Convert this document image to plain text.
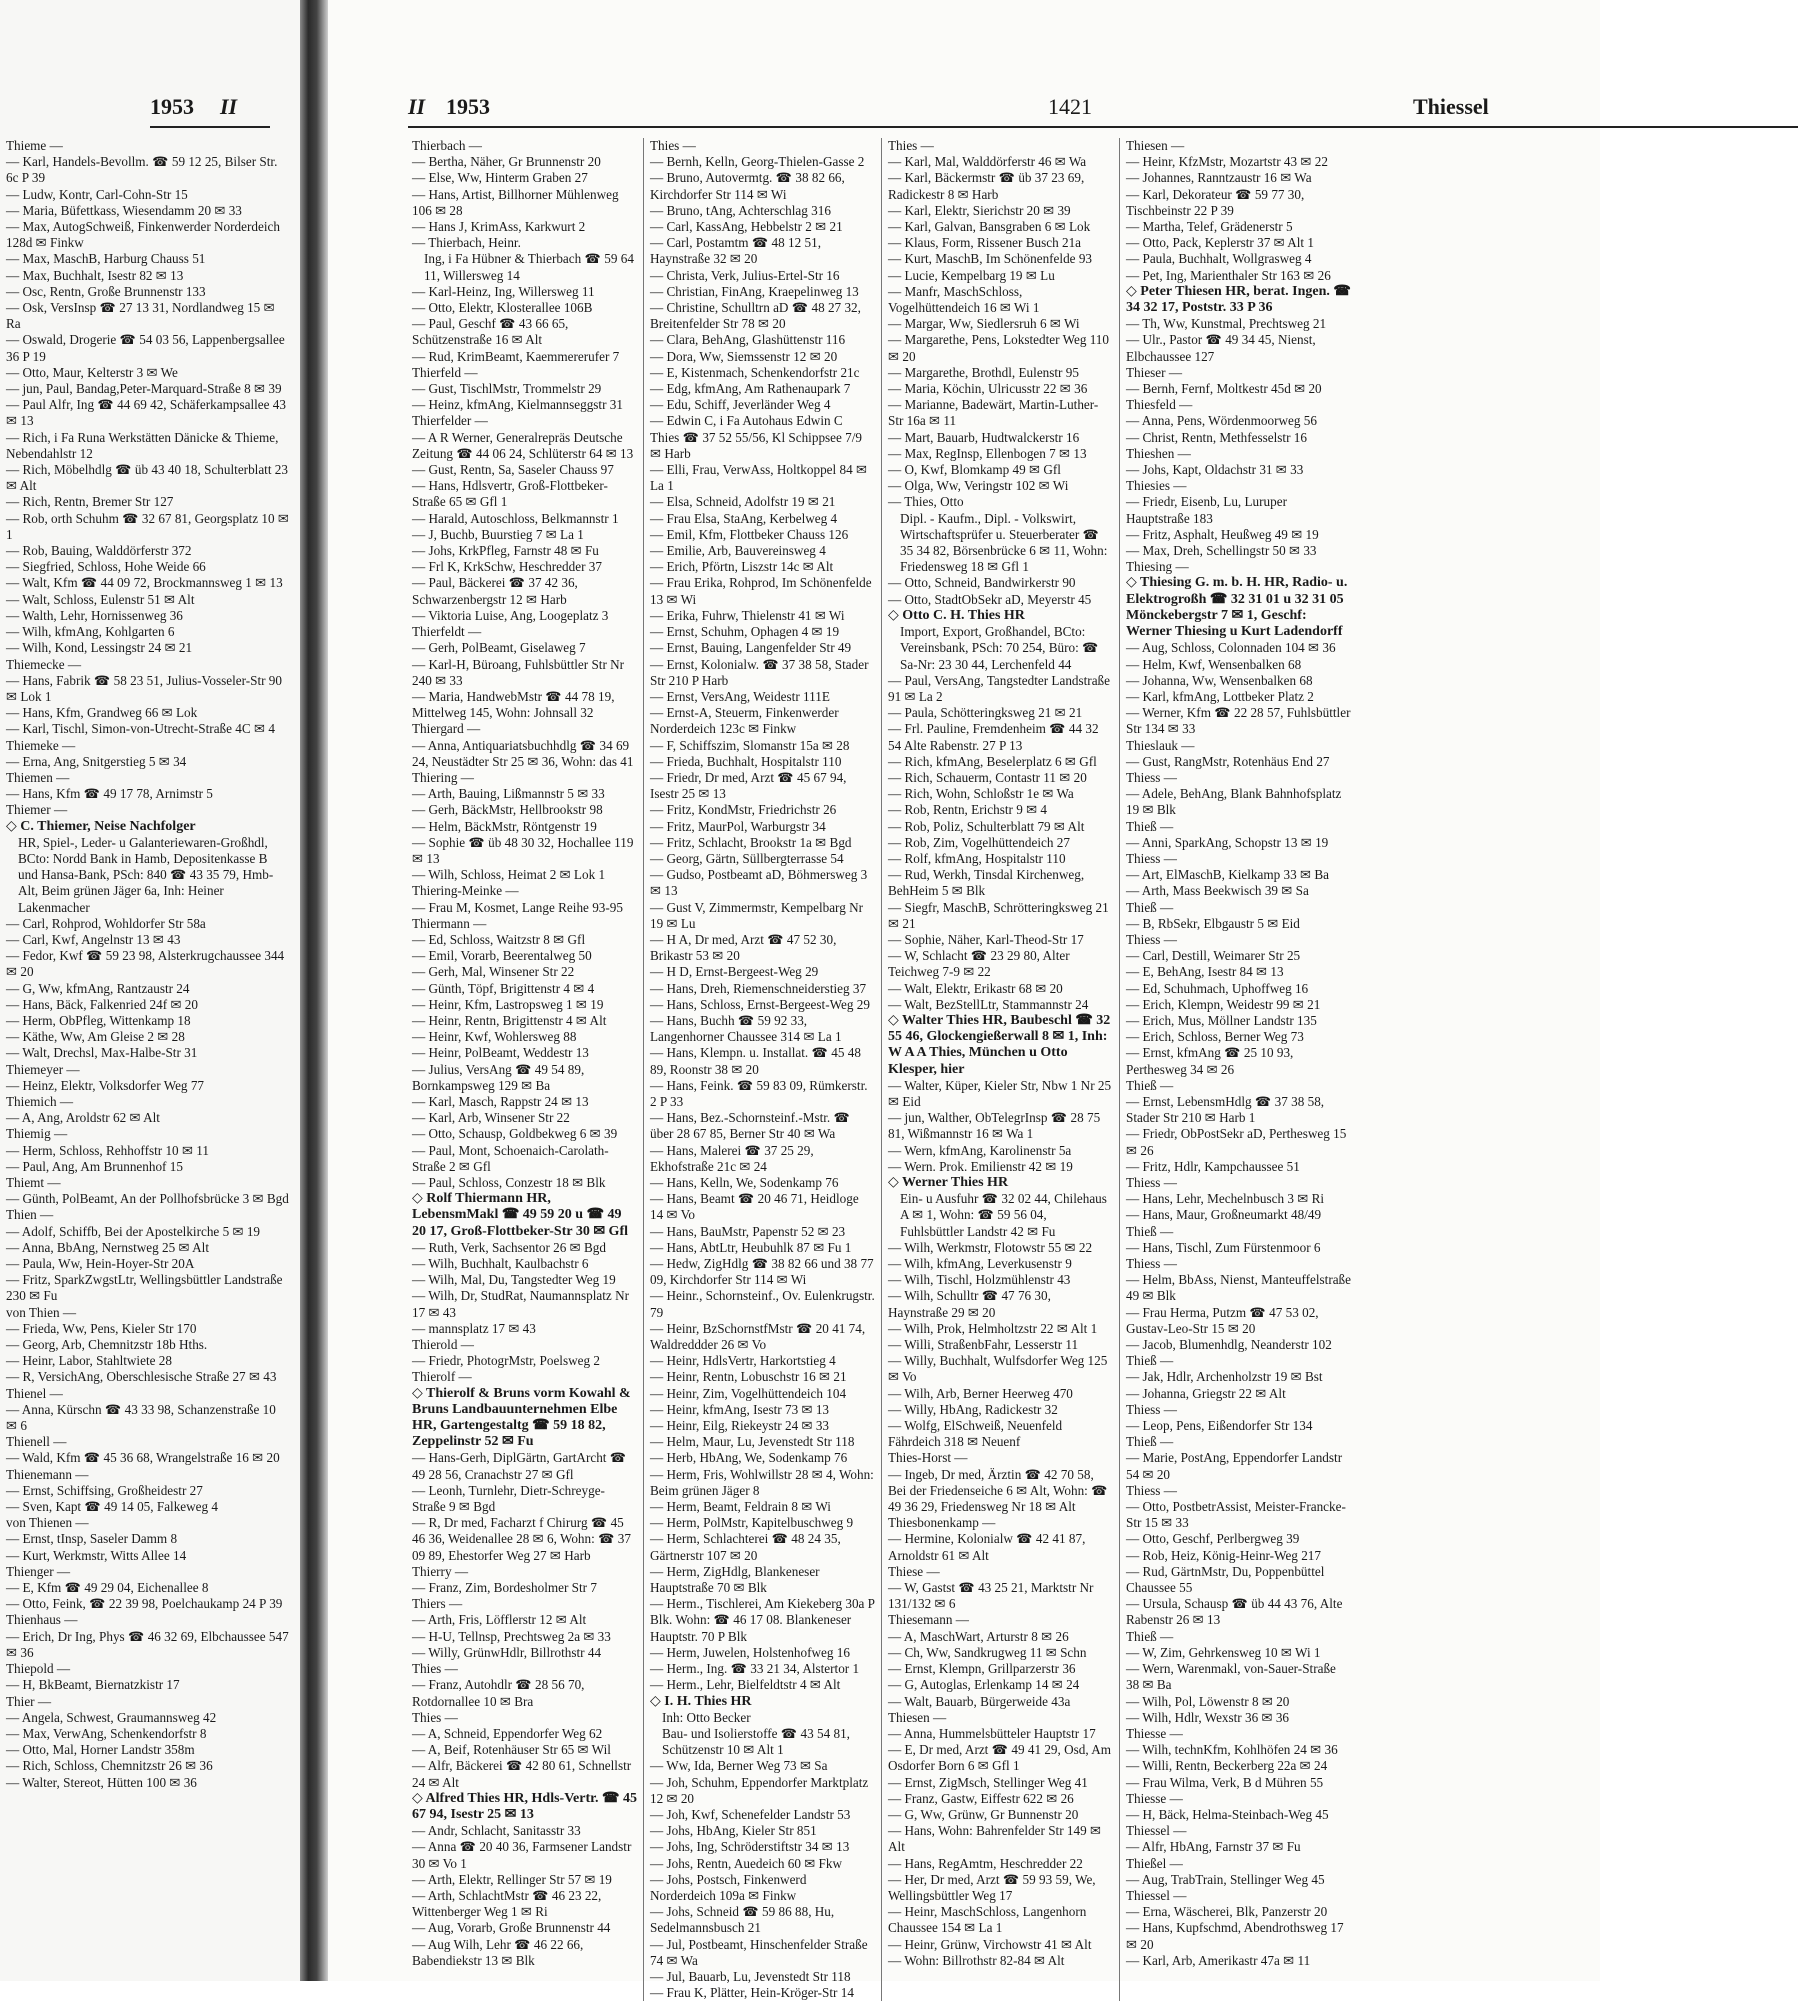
1953 II

Thieme —

— Karl, Handels-Bevollm. ☎ 59 12 25, Bilser Str. 6c P 39

— Ludw, Kontr, Carl-Cohn-Str 15

— Maria, Büfettkass, Wiesendamm 20 ✉ 33

— Max, AutogSchweiß, Finkenwerder Norderdeich 128d ✉ Finkw

— Max, MaschB, Harburg Chauss 51

— Max, Buchhalt, Isestr 82 ✉ 13

— Osc, Rentn, Große Brunnenstr 133

— Osk, VersInsp ☎ 27 13 31, Nordlandweg 15 ✉ Ra

— Oswald, Drogerie ☎ 54 03 56, Lappenbergsallee 36 P 19

— Otto, Maur, Kelterstr 3 ✉ We

— jun, Paul, Bandag,Peter-Marquard-Straße 8 ✉ 39

— Paul Alfr, Ing ☎ 44 69 42, Schäferkampsallee 43 ✉ 13

— Rich, i Fa Runa Werkstätten Dänicke & Thieme, Nebendahlstr 12

— Rich, Möbelhdlg ☎ üb 43 40 18, Schulterblatt 23 ✉ Alt

— Rich, Rentn, Bremer Str 127

— Rob, orth Schuhm ☎ 32 67 81, Georgsplatz 10 ✉ 1

— Rob, Bauing, Walddörferstr 372

— Siegfried, Schloss, Hohe Weide 66

— Walt, Kfm ☎ 44 09 72, Brockmannsweg 1 ✉ 13

— Walt, Schloss, Eulenstr 51 ✉ Alt

— Walth, Lehr, Hornissenweg 36

— Wilh, kfmAng, Kohlgarten 6

— Wilh, Kond, Lessingstr 24 ✉ 21

Thiemecke —

— Hans, Fabrik ☎ 58 23 51, Julius-Vosseler-Str 90 ✉ Lok 1

— Hans, Kfm, Grandweg 66 ✉ Lok

— Karl, Tischl, Simon-von-Utrecht-Straße 4C ✉ 4

Thiemeke —

— Erna, Ang, Snitgerstieg 5 ✉ 34

Thiemen —

— Hans, Kfm ☎ 49 17 78, Arnimstr 5

Thiemer —

◇ C. Thiemer, Neise Nachfolger

HR, Spiel-, Leder- u Galanteriewaren-Großhdl, BCto: Nordd Bank in Hamb, Depositenkasse B und Hansa-Bank, PSch: 840 ☎ 43 35 79, Hmb-Alt, Beim grünen Jäger 6a, Inh: Heiner Lakenmacher

— Carl, Rohprod, Wohldorfer Str 58a

— Carl, Kwf, Angelnstr 13 ✉ 43

— Fedor, Kwf ☎ 59 23 98, Alsterkrugchaussee 344 ✉ 20

— G, Ww, kfmAng, Rantzaustr 24

— Hans, Bäck, Falkenried 24f ✉ 20

— Herm, ObPfleg, Wittenkamp 18

— Käthe, Ww, Am Gleise 2 ✉ 28

— Walt, Drechsl, Max-Halbe-Str 31

Thiemeyer —

— Heinz, Elektr, Volksdorfer Weg 77

Thiemich —

— A, Ang, Aroldstr 62 ✉ Alt

Thiemig —

— Herm, Schloss, Rehhoffstr 10 ✉ 11

— Paul, Ang, Am Brunnenhof 15

Thiemt —

— Günth, PolBeamt, An der Pollhofsbrücke 3 ✉ Bgd

Thien —

— Adolf, Schiffb, Bei der Apostelkirche 5 ✉ 19

— Anna, BbAng, Nernstweg 25 ✉ Alt

— Paula, Ww, Hein-Hoyer-Str 20A

— Fritz, SparkZwgstLtr, Wellingsbüttler Landstraße 230 ✉ Fu

von Thien —

— Frieda, Ww, Pens, Kieler Str 170

— Georg, Arb, Chemnitzstr 18b Hths.

— Heinr, Labor, Stahltwiete 28

— R, VersichAng, Oberschlesische Straße 27 ✉ 43

Thienel —

— Anna, Kürschn ☎ 43 33 98, Schanzenstraße 10 ✉ 6

Thienell —

— Wald, Kfm ☎ 45 36 68, Wrangelstraße 16 ✉ 20

Thienemann —

— Ernst, Schiffsing, Großheidestr 27

— Sven, Kapt ☎ 49 14 05, Falkeweg 4

von Thienen —

— Ernst, tInsp, Saseler Damm 8

— Kurt, Werkmstr, Witts Allee 14

Thienger —

— E, Kfm ☎ 49 29 04, Eichenallee 8

— Otto, Feink, ☎ 22 39 98, Poelchaukamp 24 P 39

Thienhaus —

— Erich, Dr Ing, Phys ☎ 46 32 69, Elbchaussee 547 ✉ 36

Thiepold —

— H, BkBeamt, Biernatzkistr 17

Thier —

— Angela, Schwest, Graumannsweg 42

— Max, VerwAng, Schenkendorfstr 8

— Otto, Mal, Horner Landstr 358m

— Rich, Schloss, Chemnitzstr 26 ✉ 36

— Walter, Stereot, Hütten 100 ✉ 36

II 1953	1421	Thiessel

Thierbach —

— Bertha, Näher, Gr Brunnenstr 20

— Else, Ww, Hinterm Graben 27

— Hans, Artist, Billhorner Mühlenweg 106 ✉ 28

— Hans J, KrimAss, Karkwurt 2

— Thierbach, Heinr.

Ing, i Fa Hübner & Thierbach ☎ 59 64 11, Willersweg 14

— Karl-Heinz, Ing, Willersweg 11

— Otto, Elektr, Klosterallee 106B

— Paul, Geschf ☎ 43 66 65, Schützenstraße 16 ✉ Alt

— Rud, KrimBeamt, Kaemmererufer 7

Thierfeld —

— Gust, TischlMstr, Trommelstr 29

— Heinz, kfmAng, Kielmannseggstr 31

Thierfelder —

— A R Werner, Generalrepräs Deutsche Zeitung ☎ 44 06 24, Schlüterstr 64 ✉ 13

— Gust, Rentn, Sa, Saseler Chauss 97

— Hans, Hdlsvertr, Groß-Flottbeker-Straße 65 ✉ Gfl 1

— Harald, Autoschloss, Belkmannstr 1

— J, Buchb, Buurstieg 7 ✉ La 1

— Johs, KrkPfleg, Farnstr 48 ✉ Fu

— Frl K, KrkSchw, Heschredder 37

— Paul, Bäckerei ☎ 37 42 36, Schwarzenbergstr 12 ✉ Harb

— Viktoria Luise, Ang, Loogeplatz 3

Thierfeldt —

— Gerh, PolBeamt, Giselaweg 7

— Karl-H, Büroang, Fuhlsbüttler Str Nr 240 ✉ 33

— Maria, HandwebMstr ☎ 44 78 19, Mittelweg 145, Wohn: Johnsall 32

Thiergard —

— Anna, Antiquariatsbuchhdlg ☎ 34 69 24, Neustädter Str 25 ✉ 36, Wohn: das 41

Thiering —

— Arth, Bauing, Lißmannstr 5 ✉ 33

— Gerh, BäckMstr, Hellbrookstr 98

— Helm, BäckMstr, Röntgenstr 19

— Sophie ☎ üb 48 30 32, Hochallee 119 ✉ 13

— Wilh, Schloss, Heimat 2 ✉ Lok 1

Thiering-Meinke —

— Frau M, Kosmet, Lange Reihe 93-95

Thiermann —

— Ed, Schloss, Waitzstr 8 ✉ Gfl

— Emil, Vorarb, Beerentalweg 50

— Gerh, Mal, Winsener Str 22

— Günth, Töpf, Brigittenstr 4 ✉ 4

— Heinr, Kfm, Lastropsweg 1 ✉ 19

— Heinr, Rentn, Brigittenstr 4 ✉ Alt

— Heinr, Kwf, Wohlersweg 88

— Heinr, PolBeamt, Weddestr 13

— Julius, VersAng ☎ 49 54 89, Bornkampsweg 129 ✉ Ba

— Karl, Masch, Rappstr 24 ✉ 13

— Karl, Arb, Winsener Str 22

— Otto, Schausp, Goldbekweg 6 ✉ 39

— Paul, Mont, Schoenaich-Carolath-Straße 2 ✉ Gfl

— Paul, Schloss, Conzestr 18 ✉ Blk

◇ Rolf Thiermann HR, LebensmMakl ☎ 49 59 20 u ☎ 49 20 17, Groß-Flottbeker-Str 30 ✉ Gfl

— Ruth, Verk, Sachsentor 26 ✉ Bgd

— Wilh, Buchhalt, Kaulbachstr 6

— Wilh, Mal, Du, Tangstedter Weg 19

— Wilh, Dr, StudRat, Naumannsplatz Nr 17 ✉ 43

— mannsplatz 17 ✉ 43

Thierold —

— Friedr, PhotogrMstr, Poelsweg 2

Thierolf —

◇ Thierolf & Bruns vorm Kowahl & Bruns Landbauunternehmen Elbe HR, Gartengestaltg ☎ 59 18 82, Zeppelinstr 52 ✉ Fu

— Hans-Gerh, DiplGärtn, GartArcht ☎ 49 28 56, Cranachstr 27 ✉ Gfl

— Leonh, Turnlehr, Dietr-Schreyge-Straße 9 ✉ Bgd

— R, Dr med, Facharzt f Chirurg ☎ 45 46 36, Weidenallee 28 ✉ 6, Wohn: ☎ 37 09 89, Ehestorfer Weg 27 ✉ Harb

Thierry —

— Franz, Zim, Bordesholmer Str 7

Thiers —

— Arth, Fris, Löfflerstr 12 ✉ Alt

— H-U, Tellnsp, Prechtsweg 2a ✉ 33

— Willy, GrünwHdlr, Billrothstr 44

Thies —

— Franz, Autohdlr ☎ 28 56 70, Rotdornallee 10 ✉ Bra

Thies —

— A, Schneid, Eppendorfer Weg 62

— A, Beif, Rotenhäuser Str 65 ✉ Wil

— Alfr, Bäckerei ☎ 42 80 61, Schnellstr 24 ✉ Alt

◇ Alfred Thies HR, Hdls-Vertr. ☎ 45 67 94, Isestr 25 ✉ 13

— Andr, Schlacht, Sanitasstr 33

— Anna ☎ 20 40 36, Farmsener Landstr 30 ✉ Vo 1

— Arth, Elektr, Rellinger Str 57 ✉ 19

— Arth, SchlachtMstr ☎ 46 23 22, Wittenberger Weg 1 ✉ Ri

— Aug, Vorarb, Große Brunnenstr 44

— Aug Wilh, Lehr ☎ 46 22 66, Babendiekstr 13 ✉ Blk

Thies —

— Bernh, Kelln, Georg-Thielen-Gasse 2

— Bruno, Autovermtg. ☎ 38 82 66, Kirchdorfer Str 114 ✉ Wi

— Bruno, tAng, Achterschlag 316

— Carl, KassAng, Hebbelstr 2 ✉ 21

— Carl, Postamtm ☎ 48 12 51, Haynstraße 32 ✉ 20

— Christa, Verk, Julius-Ertel-Str 16

— Christian, FinAng, Kraepelinweg 13

— Christine, Schulltrn aD ☎ 48 27 32, Breitenfelder Str 78 ✉ 20

— Clara, BehAng, Glashüttenstr 116

— Dora, Ww, Siemssenstr 12 ✉ 20

— E, Kistenmach, Schenkendorfstr 21c

— Edg, kfmAng, Am Rathenaupark 7

— Edu, Schiff, Jeverländer Weg 4

— Edwin C, i Fa Autohaus Edwin C Thies ☎ 37 52 55/56, Kl Schippsee 7/9 ✉ Harb

— Elli, Frau, VerwAss, Holtkoppel 84 ✉ La 1

— Elsa, Schneid, Adolfstr 19 ✉ 21

— Frau Elsa, StaAng, Kerbelweg 4

— Emil, Kfm, Flottbeker Chauss 126

— Emilie, Arb, Bauvereinsweg 4

— Erich, Pförtn, Liszstr 14c ✉ Alt

— Frau Erika, Rohprod, Im Schönenfelde 13 ✉ Wi

— Erika, Fuhrw, Thielenstr 41 ✉ Wi

— Ernst, Schuhm, Ophagen 4 ✉ 19

— Ernst, Bauing, Langenfelder Str 49

— Ernst, Kolonialw. ☎ 37 38 58, Stader Str 210 P Harb

— Ernst, VersAng, Weidestr 111E

— Ernst-A, Steuerm, Finkenwerder Norderdeich 123c ✉ Finkw

— F, Schiffszim, Slomanstr 15a ✉ 28

— Frieda, Buchhalt, Hospitalstr 110

— Friedr, Dr med, Arzt ☎ 45 67 94, Isestr 25 ✉ 13

— Fritz, KondMstr, Friedrichstr 26

— Fritz, MaurPol, Warburgstr 34

— Fritz, Schlacht, Brookstr 1a ✉ Bgd

— Georg, Gärtn, Süllbergterrasse 54

— Gudso, Postbeamt aD, Böhmersweg 3 ✉ 13

— Gust V, Zimmermstr, Kempelbarg Nr 19 ✉ Lu

— H A, Dr med, Arzt ☎ 47 52 30, Brikastr 53 ✉ 20

— H D, Ernst-Bergeest-Weg 29

— Hans, Dreh, Riemenschneiderstieg 37

— Hans, Schloss, Ernst-Bergeest-Weg 29

— Hans, Buchh ☎ 59 92 33, Langenhorner Chaussee 314 ✉ La 1

— Hans, Klempn. u. Installat. ☎ 45 48 89, Roonstr 38 ✉ 20

— Hans, Feink. ☎ 59 83 09, Rümkerstr. 2 P 33

— Hans, Bez.-Schornsteinf.-Mstr. ☎ über 28 67 85, Berner Str 40 ✉ Wa

— Hans, Malerei ☎ 37 25 29, Ekhofstraße 21c ✉ 24

— Hans, Kelln, We, Sodenkamp 76

— Hans, Beamt ☎ 20 46 71, Heidloge 14 ✉ Vo

— Hans, BauMstr, Papenstr 52 ✉ 23

— Hans, AbtLtr, Heubuhlk 87 ✉ Fu 1

— Hedw, ZigHdlg ☎ 38 82 66 und 38 77 09, Kirchdorfer Str 114 ✉ Wi

— Heinr., Schornsteinf., Ov. Eulenkrugstr. 79

— Heinr, BzSchornstfMstr ☎ 20 41 74, Waldreddder 26 ✉ Vo

— Heinr, HdlsVertr, Harkortstieg 4

— Heinr, Rentn, Lobuschstr 16 ✉ 21

— Heinr, Zim, Vogelhüttendeich 104

— Heinr, kfmAng, Isestr 73 ✉ 13

— Heinr, Eilg, Riekeystr 24 ✉ 33

— Helm, Maur, Lu, Jevenstedt Str 118

— Herb, HbAng, We, Sodenkamp 76

— Herm, Fris, Wohlwillstr 28 ✉ 4, Wohn: Beim grünen Jäger 8

— Herm, Beamt, Feldrain 8 ✉ Wi

— Herm, PolMstr, Kapitelbuschweg 9

— Herm, Schlachterei ☎ 48 24 35, Gärtnerstr 107 ✉ 20

— Herm, ZigHdlg, Blankeneser Hauptstraße 70 ✉ Blk

— Herm., Tischlerei, Am Kiekeberg 30a P Blk. Wohn: ☎ 46 17 08. Blankeneser Hauptstr. 70 P Blk

— Herm, Juwelen, Holstenhofweg 16

— Herm., Ing. ☎ 33 21 34, Alstertor 1

— Herm., Lehr, Bielfeldtstr 4 ✉ Alt

◇ I. H. Thies HR

Inh: Otto Becker

Bau- und Isolierstoffe ☎ 43 54 81, Schützenstr 10 ✉ Alt 1

— Ww, Ida, Berner Weg 73 ✉ Sa

— Joh, Schuhm, Eppendorfer Marktplatz 12 ✉ 20

— Joh, Kwf, Schenefelder Landstr 53

— Johs, HbAng, Kieler Str 851

— Johs, Ing, Schröderstiftstr 34 ✉ 13

— Johs, Rentn, Auedeich 60 ✉ Fkw

— Johs, Postsch, Finkenwerd Norderdeich 109a ✉ Finkw

— Johs, Schneid ☎ 59 86 88, Hu, Sedelmannsbusch 21

— Jul, Postbeamt, Hinschenfelder Straße 74 ✉ Wa

— Jul, Bauarb, Lu, Jevenstedt Str 118

— Frau K, Plätter, Hein-Kröger-Str 14

Thies —

— Karl, Mal, Walddörferstr 46 ✉ Wa

— Karl, Bäckermstr ☎ üb 37 23 69, Radickestr 8 ✉ Harb

— Karl, Elektr, Sierichstr 20 ✉ 39

— Karl, Galvan, Bansgraben 6 ✉ Lok

— Klaus, Form, Rissener Busch 21a

— Kurt, MaschB, Im Schönenfelde 93

— Lucie, Kempelbarg 19 ✉ Lu

— Manfr, MaschSchloss, Vogelhüttendeich 16 ✉ Wi 1

— Margar, Ww, Siedlersruh 6 ✉ Wi

— Margarethe, Pens, Lokstedter Weg 110 ✉ 20

— Margarethe, Brothdl, Eulenstr 95

— Maria, Köchin, Ulricusstr 22 ✉ 36

— Marianne, Badewärt, Martin-Luther-Str 16a ✉ 11

— Mart, Bauarb, Hudtwalckerstr 16

— Max, RegInsp, Ellenbogen 7 ✉ 13

— O, Kwf, Blomkamp 49 ✉ Gfl

— Olga, Ww, Veringstr 102 ✉ Wi

— Thies, Otto

Dipl. - Kaufm., Dipl. - Volkswirt, Wirtschaftsprüfer u. Steuerberater ☎ 35 34 82, Börsenbrücke 6 ✉ 11, Wohn: Friedensweg 18 ✉ Gfl 1

— Otto, Schneid, Bandwirkerstr 90

— Otto, StadtObSekr aD, Meyerstr 45

◇ Otto C. H. Thies HR

Import, Export, Großhandel, BCto: Vereinsbank, PSch: 70 254, Büro: ☎ Sa-Nr: 23 30 44, Lerchenfeld 44

— Paul, VersAng, Tangstedter Landstraße 91 ✉ La 2

— Paula, Schötteringksweg 21 ✉ 21

— Frl. Pauline, Fremdenheim ☎ 44 32 54 Alte Rabenstr. 27 P 13

— Rich, kfmAng, Beselerplatz 6 ✉ Gfl

— Rich, Schauerm, Contastr 11 ✉ 20

— Rich, Wohn, Schloßstr 1e ✉ Wa

— Rob, Rentn, Erichstr 9 ✉ 4

— Rob, Poliz, Schulterblatt 79 ✉ Alt

— Rob, Zim, Vogelhüttendeich 27

— Rolf, kfmAng, Hospitalstr 110

— Rud, Werkh, Tinsdal Kirchenweg, BehHeim 5 ✉ Blk

— Siegfr, MaschB, Schrötteringksweg 21 ✉ 21

— Sophie, Näher, Karl-Theod-Str 17

— W, Schlacht ☎ 23 29 80, Alter Teichweg 7-9 ✉ 22

— Walt, Elektr, Erikastr 68 ✉ 20

— Walt, BezStellLtr, Stammannstr 24

◇ Walter Thies HR, Baubeschl ☎ 32 55 46, Glockengießerwall 8 ✉ 1, Inh: W A A Thies, München u Otto Klesper, hier

— Walter, Küper, Kieler Str, Nbw 1 Nr 25 ✉ Eid

— jun, Walther, ObTelegrInsp ☎ 28 75 81, Wißmannstr 16 ✉ Wa 1

— Wern, kfmAng, Karolinenstr 5a

— Wern. Prok. Emilienstr 42 ✉ 19

◇ Werner Thies HR

Ein- u Ausfuhr ☎ 32 02 44, Chilehaus A ✉ 1, Wohn: ☎ 59 56 04, Fuhlsbüttler Landstr 42 ✉ Fu

— Wilh, Werkmstr, Flotowstr 55 ✉ 22

— Wilh, kfmAng, Leverkusenstr 9

— Wilh, Tischl, Holzmühlenstr 43

— Wilh, Schulltr ☎ 47 76 30, Haynstraße 29 ✉ 20

— Wilh, Prok, Helmholtzstr 22 ✉ Alt 1

— Willi, StraßenbFahr, Lesserstr 11

— Willy, Buchhalt, Wulfsdorfer Weg 125 ✉ Vo

— Wilh, Arb, Berner Heerweg 470

— Willy, HbAng, Radickestr 32

— Wolfg, ElSchweiß, Neuenfeld Fährdeich 318 ✉ Neuenf

Thies-Horst —

— Ingeb, Dr med, Ärztin ☎ 42 70 58, Bei der Friedenseiche 6 ✉ Alt, Wohn: ☎ 49 36 29, Friedensweg Nr 18 ✉ Alt

Thiesbonenkamp —

— Hermine, Kolonialw ☎ 42 41 87, Arnoldstr 61 ✉ Alt

Thiese —

— W, Gastst ☎ 43 25 21, Marktstr Nr 131/132 ✉ 6

Thiesemann —

— A, MaschWart, Arturstr 8 ✉ 26

— Ch, Ww, Sandkrugweg 11 ✉ Schn

— Ernst, Klempn, Grillparzerstr 36

— G, Autoglas, Erlenkamp 14 ✉ 24

— Walt, Bauarb, Bürgerweide 43a

Thiesen —

— Anna, Hummelsbütteler Hauptstr 17

— E, Dr med, Arzt ☎ 49 41 29, Osd, Am Osdorfer Born 6 ✉ Gfl 1

— Ernst, ZigMsch, Stellinger Weg 41

— Franz, Gastw, Eiffestr 622 ✉ 26

— G, Ww, Grünw, Gr Bunnenstr 20

— Hans, Wohn: Bahrenfelder Str 149 ✉ Alt

— Hans, RegAmtm, Heschredder 22

— Her, Dr med, Arzt ☎ 59 93 59, We, Wellingsbüttler Weg 17

— Heinr, MaschSchloss, Langenhorn Chaussee 154 ✉ La 1

— Heinr, Grünw, Virchowstr 41 ✉ Alt

— Wohn: Billrothstr 82-84 ✉ Alt

Thiesen —

— Heinr, KfzMstr, Mozartstr 43 ✉ 22

— Johannes, Ranntzaustr 16 ✉ Wa

— Karl, Dekorateur ☎ 59 77 30, Tischbeinstr 22 P 39

— Martha, Telef, Grädenerstr 5

— Otto, Pack, Keplerstr 37 ✉ Alt 1

— Paula, Buchhalt, Wollgrasweg 4

— Pet, Ing, Marienthaler Str 163 ✉ 26

◇ Peter Thiesen HR, berat. Ingen. ☎ 34 32 17, Poststr. 33 P 36

— Th, Ww, Kunstmal, Prechtsweg 21

— Ulr., Pastor ☎ 49 34 45, Nienst, Elbchaussee 127

Thieser —

— Bernh, Fernf, Moltkestr 45d ✉ 20

Thiesfeld —

— Anna, Pens, Wördenmoorweg 56

— Christ, Rentn, Methfesselstr 16

Thieshen —

— Johs, Kapt, Oldachstr 31 ✉ 33

Thiesies —

— Friedr, Eisenb, Lu, Luruper Hauptstraße 183

— Fritz, Asphalt, Heußweg 49 ✉ 19

— Max, Dreh, Schellingstr 50 ✉ 33

Thiesing —

◇ Thiesing G. m. b. H. HR, Radio- u. Elektrogroßh ☎ 32 31 01 u 32 31 05 Mönckebergstr 7 ✉ 1, Geschf: Werner Thiesing u Kurt Ladendorff

— Aug, Schloss, Colonnaden 104 ✉ 36

— Helm, Kwf, Wensenbalken 68

— Johanna, Ww, Wensenbalken 68

— Karl, kfmAng, Lottbeker Platz 2

— Werner, Kfm ☎ 22 28 57, Fuhlsbüttler Str 134 ✉ 33

Thieslauk —

— Gust, RangMstr, Rotenhäus End 27

Thiess —

— Adele, BehAng, Blank Bahnhofsplatz 19 ✉ Blk

Thieß —

— Anni, SparkAng, Schopstr 13 ✉ 19

Thiess —

— Art, ElMaschB, Kielkamp 33 ✉ Ba

— Arth, Mass Beekwisch 39 ✉ Sa

Thieß —

— B, RbSekr, Elbgaustr 5 ✉ Eid

Thiess —

— Carl, Destill, Weimarer Str 25

— E, BehAng, Isestr 84 ✉ 13

— Ed, Schuhmach, Uphoffweg 16

— Erich, Klempn, Weidestr 99 ✉ 21

— Erich, Mus, Möllner Landstr 135

— Erich, Schloss, Berner Weg 73

— Ernst, kfmAng ☎ 25 10 93, Perthesweg 34 ✉ 26

Thieß —

— Ernst, LebensmHdlg ☎ 37 38 58, Stader Str 210 ✉ Harb 1

— Friedr, ObPostSekr aD, Perthesweg 15 ✉ 26

— Fritz, Hdlr, Kampchaussee 51

Thiess —

— Hans, Lehr, Mechelnbusch 3 ✉ Ri

— Hans, Maur, Großneumarkt 48/49

Thieß —

— Hans, Tischl, Zum Fürstenmoor 6

Thiess —

— Helm, BbAss, Nienst, Manteuffelstraße 49 ✉ Blk

— Frau Herma, Putzm ☎ 47 53 02, Gustav-Leo-Str 15 ✉ 20

— Jacob, Blumenhdlg, Neanderstr 102

Thieß —

— Jak, Hdlr, Archenholzstr 19 ✉ Bst

— Johanna, Griegstr 22 ✉ Alt

Thiess —

— Leop, Pens, Eißendorfer Str 134

Thieß —

— Marie, PostAng, Eppendorfer Landstr 54 ✉ 20

Thiess —

— Otto, PostbetrAssist, Meister-Francke-Str 15 ✉ 33

— Otto, Geschf, Perlbergweg 39

— Rob, Heiz, König-Heinr-Weg 217

— Rud, GärtnMstr, Du, Poppenbüttel Chaussee 55

— Ursula, Schausp ☎ üb 44 43 76, Alte Rabenstr 26 ✉ 13

Thieß —

— W, Zim, Gehrkensweg 10 ✉ Wi 1

— Wern, Warenmakl, von-Sauer-Straße 38 ✉ Ba

— Wilh, Pol, Löwenstr 8 ✉ 20

— Wilh, Hdlr, Wexstr 36 ✉ 36

Thiesse —

— Wilh, technKfm, Kohlhöfen 24 ✉ 36

— Willi, Rentn, Beckerberg 22a ✉ 24

— Frau Wilma, Verk, B d Mühren 55

Thiesse —

— H, Bäck, Helma-Steinbach-Weg 45

Thiessel —

— Alfr, HbAng, Farnstr 37 ✉ Fu

Thießel —

— Aug, TrabTrain, Stellinger Weg 45

Thiessel —

— Erna, Wäscherei, Blk, Panzerstr 20

— Hans, Kupfschmd, Abendrothsweg 17 ✉ 20

— Karl, Arb, Amerikastr 47a ✉ 11
